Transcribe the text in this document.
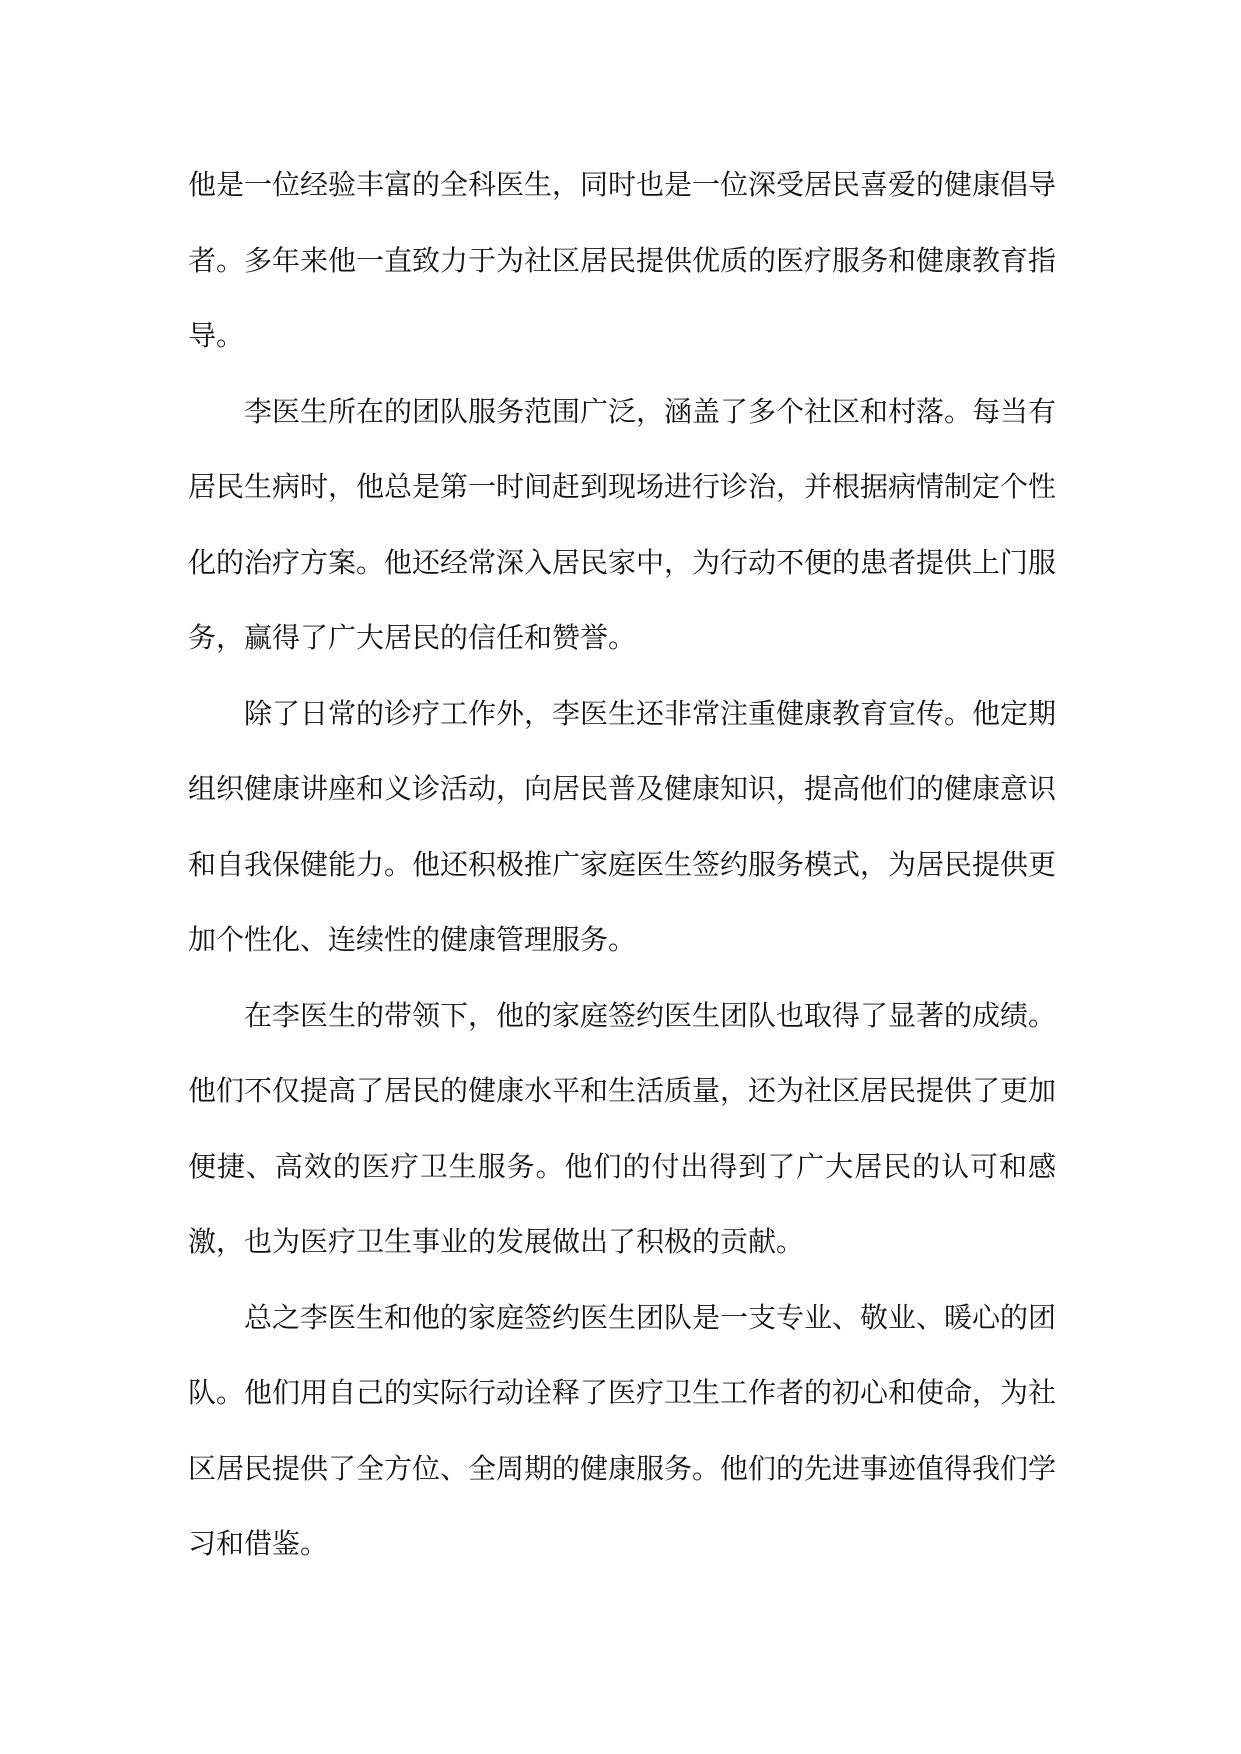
他是一位经验丰富的全科医生，同时也是一位深受居民喜爱的健康倡导者。多年来他一直致力于为社区居民提供优质的医疗服务和健康教育指导。

李医生所在的团队服务范围广泛，涵盖了多个社区和村落。每当有居民生病时，他总是第一时间赶到现场进行诊治，并根据病情制定个性化的治疗方案。他还经常深入居民家中，为行动不便的患者提供上门服务，赢得了广大居民的信任和赞誉。

除了日常的诊疗工作外，李医生还非常注重健康教育宣传。他定期组织健康讲座和义诊活动，向居民普及健康知识，提高他们的健康意识和自我保健能力。他还积极推广家庭医生签约服务模式，为居民提供更加个性化、连续性的健康管理服务。

在李医生的带领下，他的家庭签约医生团队也取得了显著的成绩。他们不仅提高了居民的健康水平和生活质量，还为社区居民提供了更加便捷、高效的医疗卫生服务。他们的付出得到了广大居民的认可和感激，也为医疗卫生事业的发展做出了积极的贡献。

总之李医生和他的家庭签约医生团队是一支专业、敬业、暖心的团队。他们用自己的实际行动诠释了医疗卫生工作者的初心和使命，为社区居民提供了全方位、全周期的健康服务。他们的先进事迹值得我们学习和借鉴。
